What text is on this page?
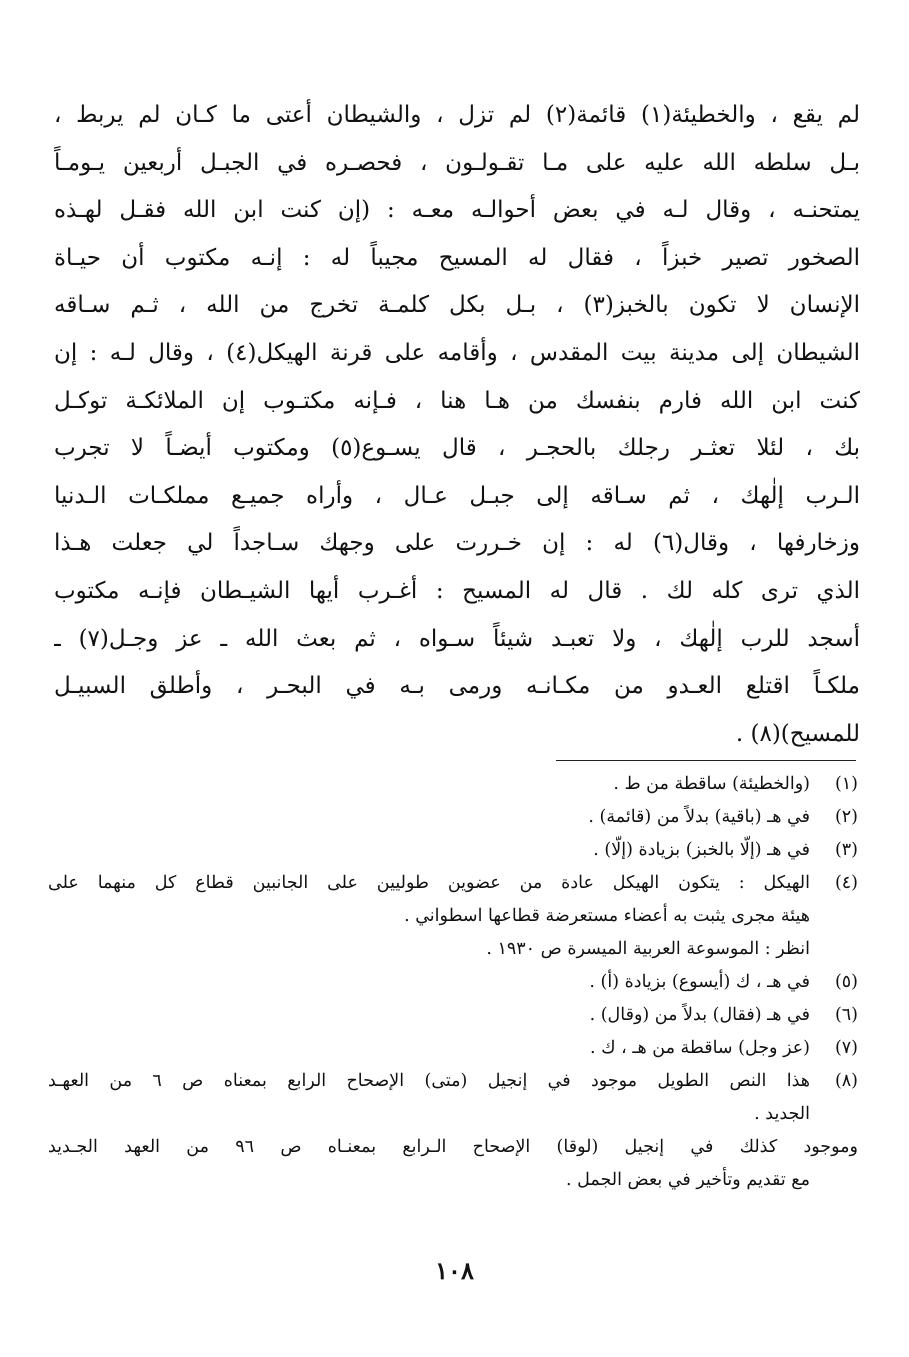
لم يقع ، والخطيئة(١) قائمة(٢) لم تزل ، والشيطان أعتى ما كـان لم يربط ،
بـل سلطه الله عليه على مـا تقـولـون ، فحصـره في الجبـل أربعين يـومـاً
يمتحنـه ، وقال لـه في بعض أحوالـه معـه : (إن كنت ابن الله فقـل لهـذه
الصخور تصير خبزاً ، فقال له المسيح مجيباً له : إنـه مكتوب أن حيـاة
الإنسان لا تكون بالخبز(٣) ، بـل بكل كلمـة تخرج من الله ، ثـم سـاقه
الشيطان إلى مدينة بيت المقدس ، وأقامه على قرنة الهيكل(٤) ، وقال لـه : إن
كنت ابن الله فارم بنفسك من هـا هنا ، فـإنه مكتـوب إن الملائكـة توكـل
بك ، لئلا تعثـر رجلك بالحجـر ، قال يسـوع(٥) ومكتوب أيضـاً لا تجرب
الـرب إلٰهك ، ثم سـاقه إلى جبـل عـال ، وأراه جميـع مملكـات الـدنيا
وزخارفها ، وقال(٦) له : إن خـررت على وجهك سـاجداً لي جعلت هـذا
الذي ترى كله لك . قال له المسيح : أغـرب أيها الشيـطان فإنـه مكتوب
أسجد للرب إلٰهك ، ولا تعبـد شيئاً سـواه ، ثم بعث الله ـ عز وجـل(٧) ـ
ملكـاً اقتلع العـدو من مكـانـه ورمى بـه في البحـر ، وأطلق السبيـل
للمسيح)(٨) .
(١)
(والخطيئة) ساقطة من ط .
(٢)
في هـ (باقية) بدلاً من (قائمة) .
(٣)
في هـ (إلّا بالخبز) بزيادة (إلّا) .
(٤)
الهيكل : يتكون الهيكل عادة من عضوين طوليين على الجانبين قطاع كل منهما على
هيئة مجرى يثبت به أعضاء مستعرضة قطاعها اسطواني .
انظر : الموسوعة العربية الميسرة ص ١٩٣٠ .
(٥)
في هـ ، ك (أيسوع) بزيادة (أ) .
(٦)
في هـ (فقال) بدلاً من (وقال) .
(٧)
(عز وجل) ساقطة من هـ ، ك .
(٨)
هذا النص الطويل موجود في إنجيل (متى) الإصحاح الرابع بمعناه ص ٦ من العهـد
الجديد .
وموجود كذلك في إنجيل (لوقا) الإصحاح الـرابع بمعنـاه ص ٩٦ من العهد الجـديد
مع تقديم وتأخير في بعض الجمل .
١٠٨
